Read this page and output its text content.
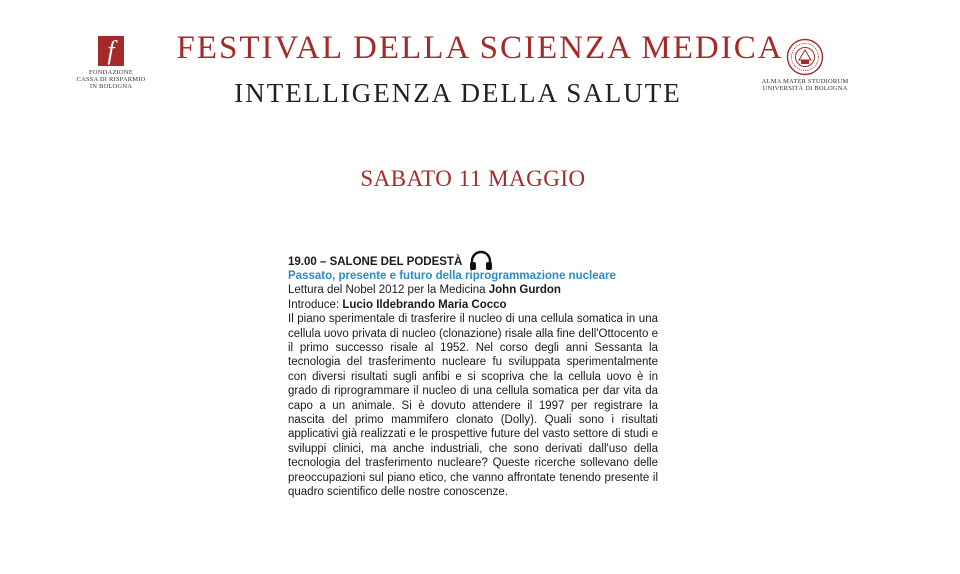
f
FONDAZIONE
CASSA DI RISPARMIO
IN BOLOGNA
FESTIVAL DELLA SCIENZA MEDICA
INTELLIGENZA DELLA SALUTE	ALMA MATER STUDIORUM
UNIVERSITÀ DI BOLOGNA
SABATO 11 MAGGIO
19.00 – SALONE DEL PODESTÀ
Passato, presente e futuro della riprogrammazione nucleare
Lettura del Nobel 2012 per la Medicina John Gurdon
Introduce: Lucio Ildebrando Maria Cocco
Il piano sperimentale di trasferire il nucleo di una cellula somatica in una cellula uovo privata di nucleo (clonazione) risale alla fine dell'Ottocento e il primo successo risale al 1952. Nel corso degli anni Sessanta la tecnologia del trasferimento nucleare fu sviluppata sperimentalmente con diversi risultati sugli anfibi e si scopriva che la cellula uovo è in grado di riprogrammare il nucleo di una cellula somatica per dar vita da capo a un animale. Si è dovuto attendere il 1997 per registrare la nascita del primo mammifero clonato (Dolly). Quali sono i risultati applicativi già realizzati e le prospettive future del vasto settore di studi e sviluppi clinici, ma anche industriali, che sono derivati dall'uso della tecnologia del trasferimento nucleare? Queste ricerche sollevano delle preoccupazioni sul piano etico, che vanno affrontate tenendo presente il quadro scientifico delle nostre conoscenze.
